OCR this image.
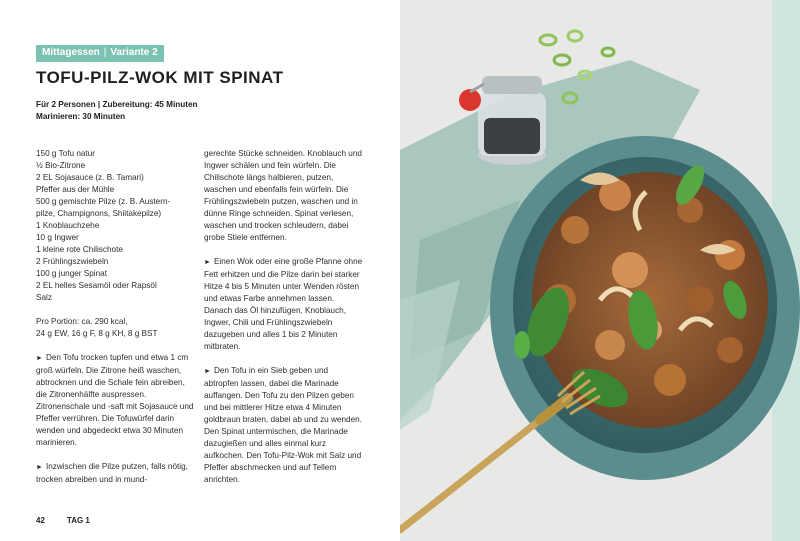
Mittagessen | Variante 2
TOFU-PILZ-WOK MIT SPINAT
Für 2 Personen | Zubereitung: 45 Minuten
Marinieren: 30 Minuten
150 g Tofu natur
½ Bio-Zitrone
2 EL Sojasauce (z. B. Tamari)
Pfeffer aus der Mühle
500 g gemischte Pilze (z. B. Austern-
pilze, Champignons, Shiitakepilze)
1 Knoblauchzehe
10 g Ingwer
1 kleine rote Chilischote
2 Frühlingszwiebeln
100 g junger Spinat
2 EL helles Sesamöl oder Rapsöl
Salz
Pro Portion: ca. 290 kcal,
24 g EW, 16 g F, 8 g KH, 8 g BST

► Den Tofu trocken tupfen und etwa 1 cm groß würfeln. Die Zitrone heiß waschen, abtrocknen und die Schale fein abreiben, die Zitronenhälfte auspressen. Zitronenschale und -saft mit Sojasauce und Pfeffer verrühren. Die Tofuwürfel darin wenden und abgedeckt etwa 30 Minuten marinieren.

► Inzwischen die Pilze putzen, falls nötig, trocken abreiben und in mund-

gerechte Stücke schneiden. Knoblauch und Ingwer schälen und fein würfeln. Die Chilischote längs halbieren, putzen, waschen und ebenfalls fein würfeln. Die Frühlingszwiebeln putzen, waschen und in dünne Ringe schneiden. Spinat verlesen, waschen und trocken schleudern, dabei grobe Stiele entfernen.

► Einen Wok oder eine große Pfanne ohne Fett erhitzen und die Pilze darin bei starker Hitze 4 bis 5 Minuten unter Wenden rösten und etwas Farbe annehmen lassen. Danach das Öl hinzufügen, Knoblauch, Ingwer, Chili und Frühlingszwiebeln dazugeben und alles 1 bis 2 Minuten mitbraten.

► Den Tofu in ein Sieb geben und abtropfen lassen, dabei die Marinade auffangen. Den Tofu zu den Pilzen geben und bei mittlerer Hitze etwa 4 Minuten goldbraun braten, dabei ab und zu wenden. Den Spinat untermischen, die Marinade dazugießen und alles einmal kurz aufkochen. Den Tofu-Pilz-Wok mit Salz und Pfeffer abschmecken und auf Tellern anrichten.

42	TAG 1
